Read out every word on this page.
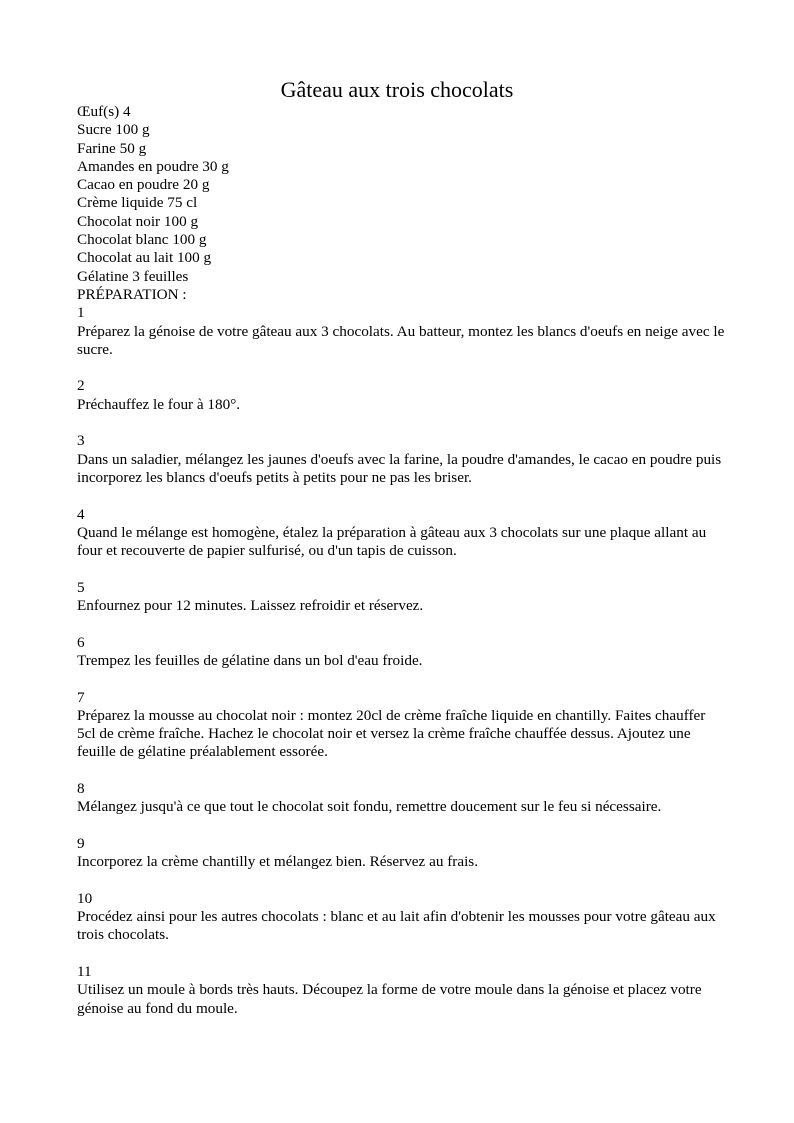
Gâteau aux trois chocolats
Œuf(s) 4
Sucre 100 g
Farine 50 g
Amandes en poudre 30 g
Cacao en poudre 20 g
Crème liquide 75 cl
Chocolat noir 100 g
Chocolat blanc 100 g
Chocolat au lait 100 g
Gélatine 3 feuilles
PRÉPARATION :
1
Préparez la génoise de votre gâteau aux 3 chocolats. Au batteur, montez les blancs d'oeufs en neige avec le sucre.
2
Préchauffez le four à 180°.
3
Dans un saladier, mélangez les jaunes d'oeufs avec la farine, la poudre d'amandes, le cacao en poudre puis incorporez les blancs d'oeufs petits à petits pour ne pas les briser.
4
Quand le mélange est homogène, étalez la préparation à gâteau aux 3 chocolats sur une plaque allant au four et recouverte de papier sulfurisé, ou d'un tapis de cuisson.
5
Enfournez pour 12 minutes. Laissez refroidir et réservez.
6
Trempez les feuilles de gélatine dans un bol d'eau froide.
7
Préparez la mousse au chocolat noir : montez 20cl de crème fraîche liquide en chantilly. Faites chauffer 5cl de crème fraîche. Hachez le chocolat noir et versez la crème fraîche chauffée dessus. Ajoutez une feuille de gélatine préalablement essorée.
8
Mélangez jusqu'à ce que tout le chocolat soit fondu, remettre doucement sur le feu si nécessaire.
9
Incorporez la crème chantilly et mélangez bien. Réservez au frais.
10
Procédez ainsi pour les autres chocolats : blanc et au lait afin d'obtenir les mousses pour votre gâteau aux trois chocolats.
11
Utilisez un moule à bords très hauts. Découpez la forme de votre moule dans la génoise et placez votre génoise au fond du moule.
